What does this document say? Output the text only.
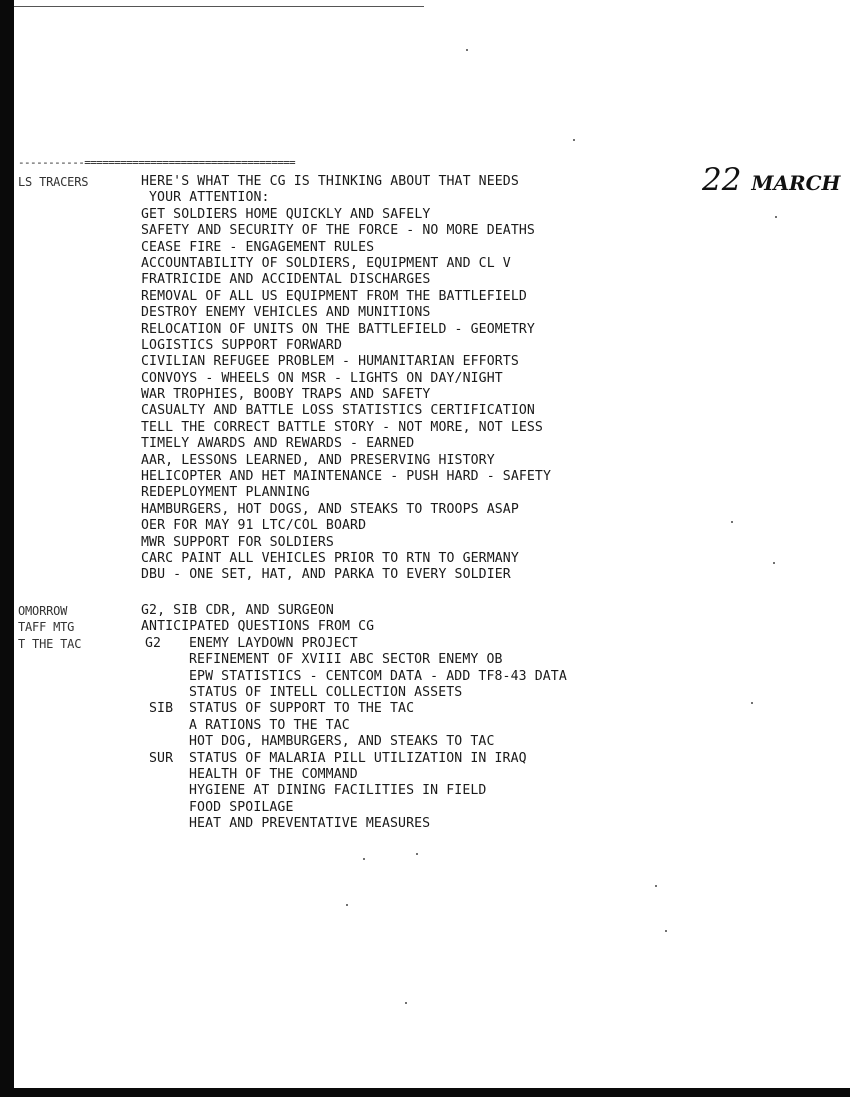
-----------===================================	22 MARCH
LS TRACERS	HERE'S WHAT THE CG IS THINKING ABOUT THAT NEEDS
YOUR ATTENTION:
GET SOLDIERS HOME QUICKLY AND SAFELY
SAFETY AND SECURITY OF THE FORCE - NO MORE DEATHS
CEASE FIRE - ENGAGEMENT RULES
ACCOUNTABILITY OF SOLDIERS, EQUIPMENT AND CL V
FRATRICIDE AND ACCIDENTAL DISCHARGES
REMOVAL OF ALL US EQUIPMENT FROM THE BATTLEFIELD
DESTROY ENEMY VEHICLES AND MUNITIONS
RELOCATION OF UNITS ON THE BATTLEFIELD - GEOMETRY
LOGISTICS SUPPORT FORWARD
CIVILIAN REFUGEE PROBLEM - HUMANITARIAN EFFORTS
CONVOYS - WHEELS ON MSR - LIGHTS ON DAY/NIGHT
WAR TROPHIES, BOOBY TRAPS AND SAFETY
CASUALTY AND BATTLE LOSS STATISTICS CERTIFICATION
TELL THE CORRECT BATTLE STORY - NOT MORE, NOT LESS
TIMELY AWARDS AND REWARDS - EARNED
AAR, LESSONS LEARNED, AND PRESERVING HISTORY
HELICOPTER AND HET MAINTENANCE - PUSH HARD - SAFETY
REDEPLOYMENT PLANNING
HAMBURGERS, HOT DOGS, AND STEAKS TO TROOPS ASAP
OER FOR MAY 91 LTC/COL BOARD
MWR SUPPORT FOR SOLDIERS
CARC PAINT ALL VEHICLES PRIOR TO RTN TO GERMANY
DBU - ONE SET, HAT, AND PARKA TO EVERY SOLDIER
OMORROW	G2, SIB CDR, AND SURGEON
TAFF MTG	ANTICIPATED QUESTIONS FROM CG
T THE TAC	G2 ENEMY LAYDOWN PROJECT
REFINEMENT OF XVIII ABC SECTOR ENEMY OB
EPW STATISTICS - CENTCOM DATA - ADD TF8-43 DATA
STATUS OF INTELL COLLECTION ASSETS
SIB STATUS OF SUPPORT TO THE TAC
A RATIONS TO THE TAC
HOT DOG, HAMBURGERS, AND STEAKS TO TAC
SUR STATUS OF MALARIA PILL UTILIZATION IN IRAQ
HEALTH OF THE COMMAND
HYGIENE AT DINING FACILITIES IN FIELD
FOOD SPOILAGE
HEAT AND PREVENTATIVE MEASURES
